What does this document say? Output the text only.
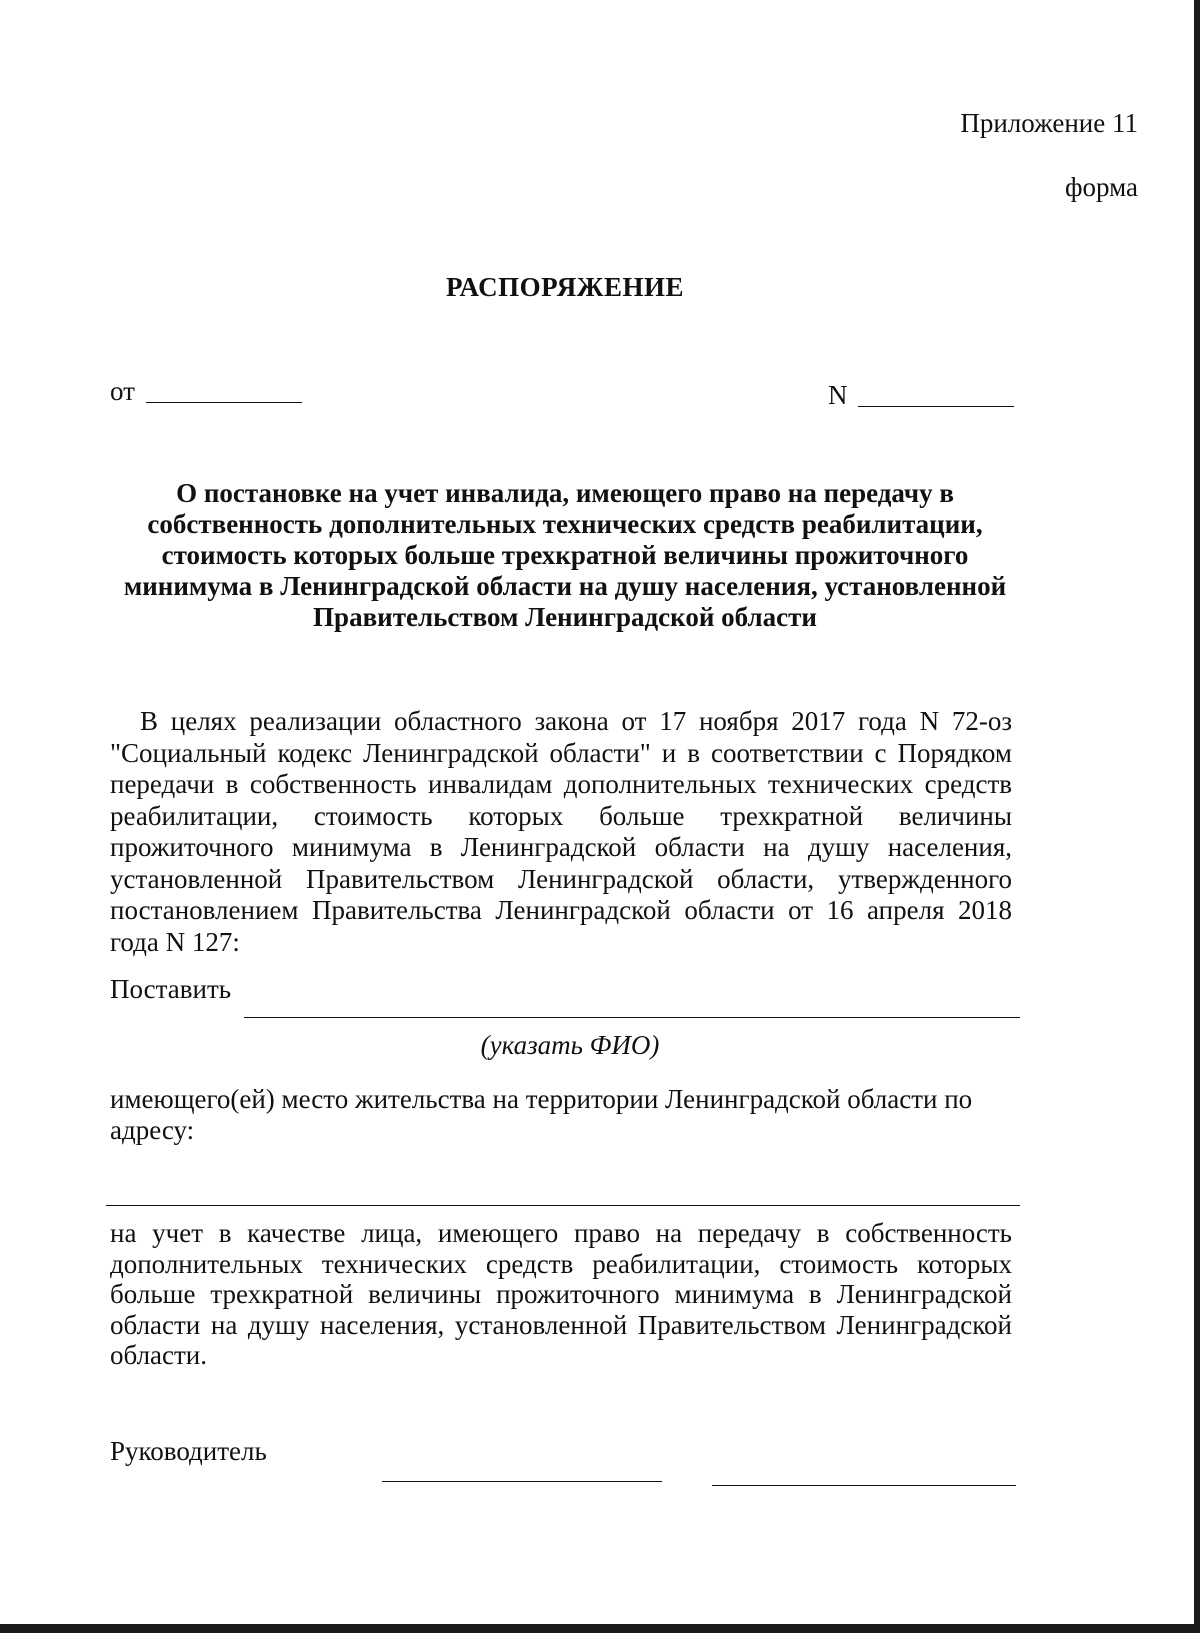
Приложение 11
форма
РАСПОРЯЖЕНИЕ
от	N
О постановке на учет инвалида, имеющего право на передачу в собственность дополнительных технических средств реабилитации, стоимость которых больше трехкратной величины прожиточного минимума в Ленинградской области на душу населения, установленной Правительством Ленинградской области
В целях реализации областного закона от 17 ноября 2017 года N 72-оз "Социальный кодекс Ленинградской области" и в соответствии с Порядком передачи в собственность инвалидам дополнительных технических средств реабилитации, стоимость которых больше трехкратной величины прожиточного минимума в Ленинградской области на душу населения, установленной Правительством Ленинградской области, утвержденного постановлением Правительства Ленинградской области от 16 апреля 2018 года N 127:
Поставить
(указать ФИО)
имеющего(ей) место жительства на территории Ленинградской области по адресу:
на учет в качестве лица, имеющего право на передачу в собственность дополнительных технических средств реабилитации, стоимость которых больше трехкратной величины прожиточного минимума в Ленинградской области на душу населения, установленной Правительством Ленинградской области.
Руководитель
